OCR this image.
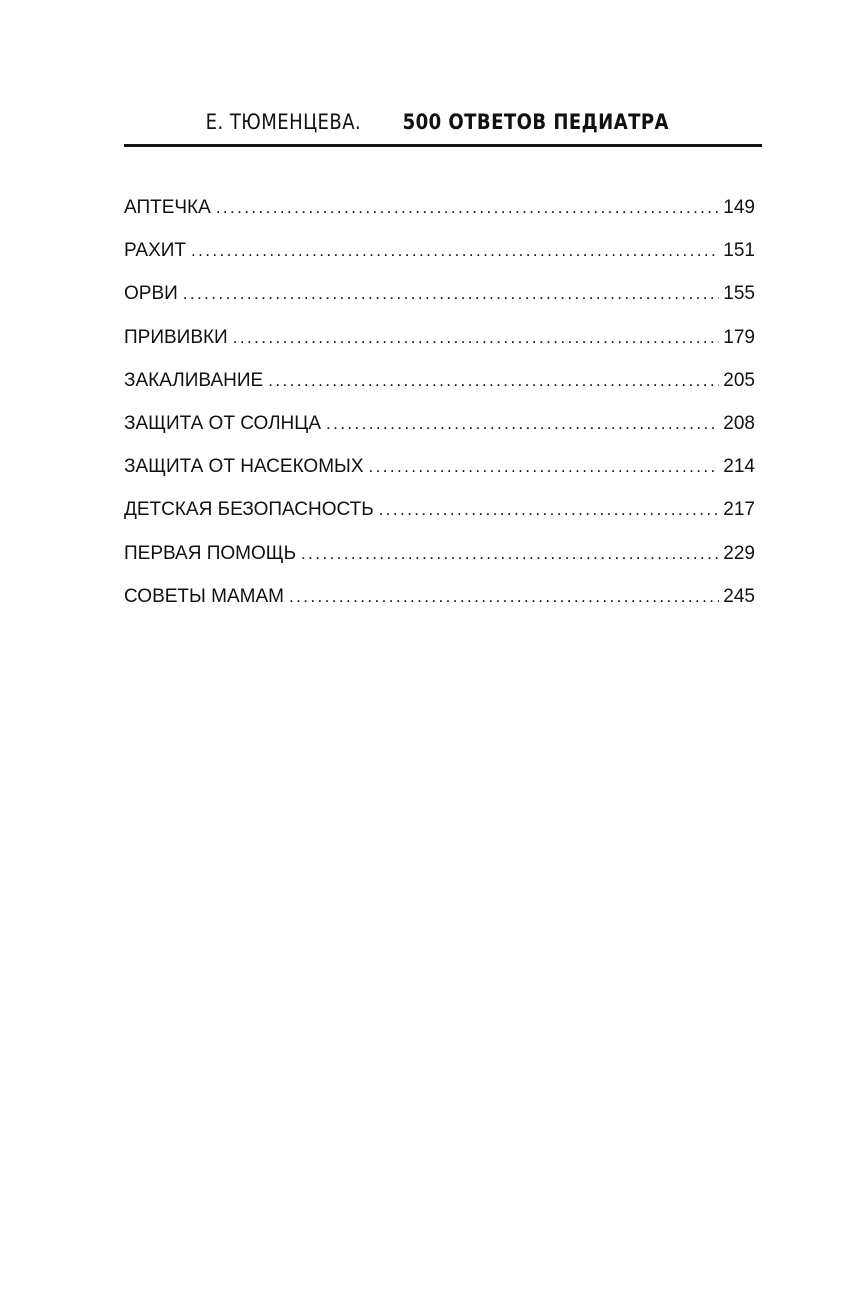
Е. ТЮМЕНЦЕВА. 500 ОТВЕТОВ ПЕДИАТРА
АПТЕЧКА .....	149
РАХИТ .....	151
ОРВИ .....	155
ПРИВИВКИ .....	179
ЗАКАЛИВАНИЕ .....	205
ЗАЩИТА ОТ СОЛНЦА .....	208
ЗАЩИТА ОТ НАСЕКОМЫХ .....	214
ДЕТСКАЯ БЕЗОПАСНОСТЬ .....	217
ПЕРВАЯ ПОМОЩЬ .....	229
СОВЕТЫ МАМАМ .....	245
